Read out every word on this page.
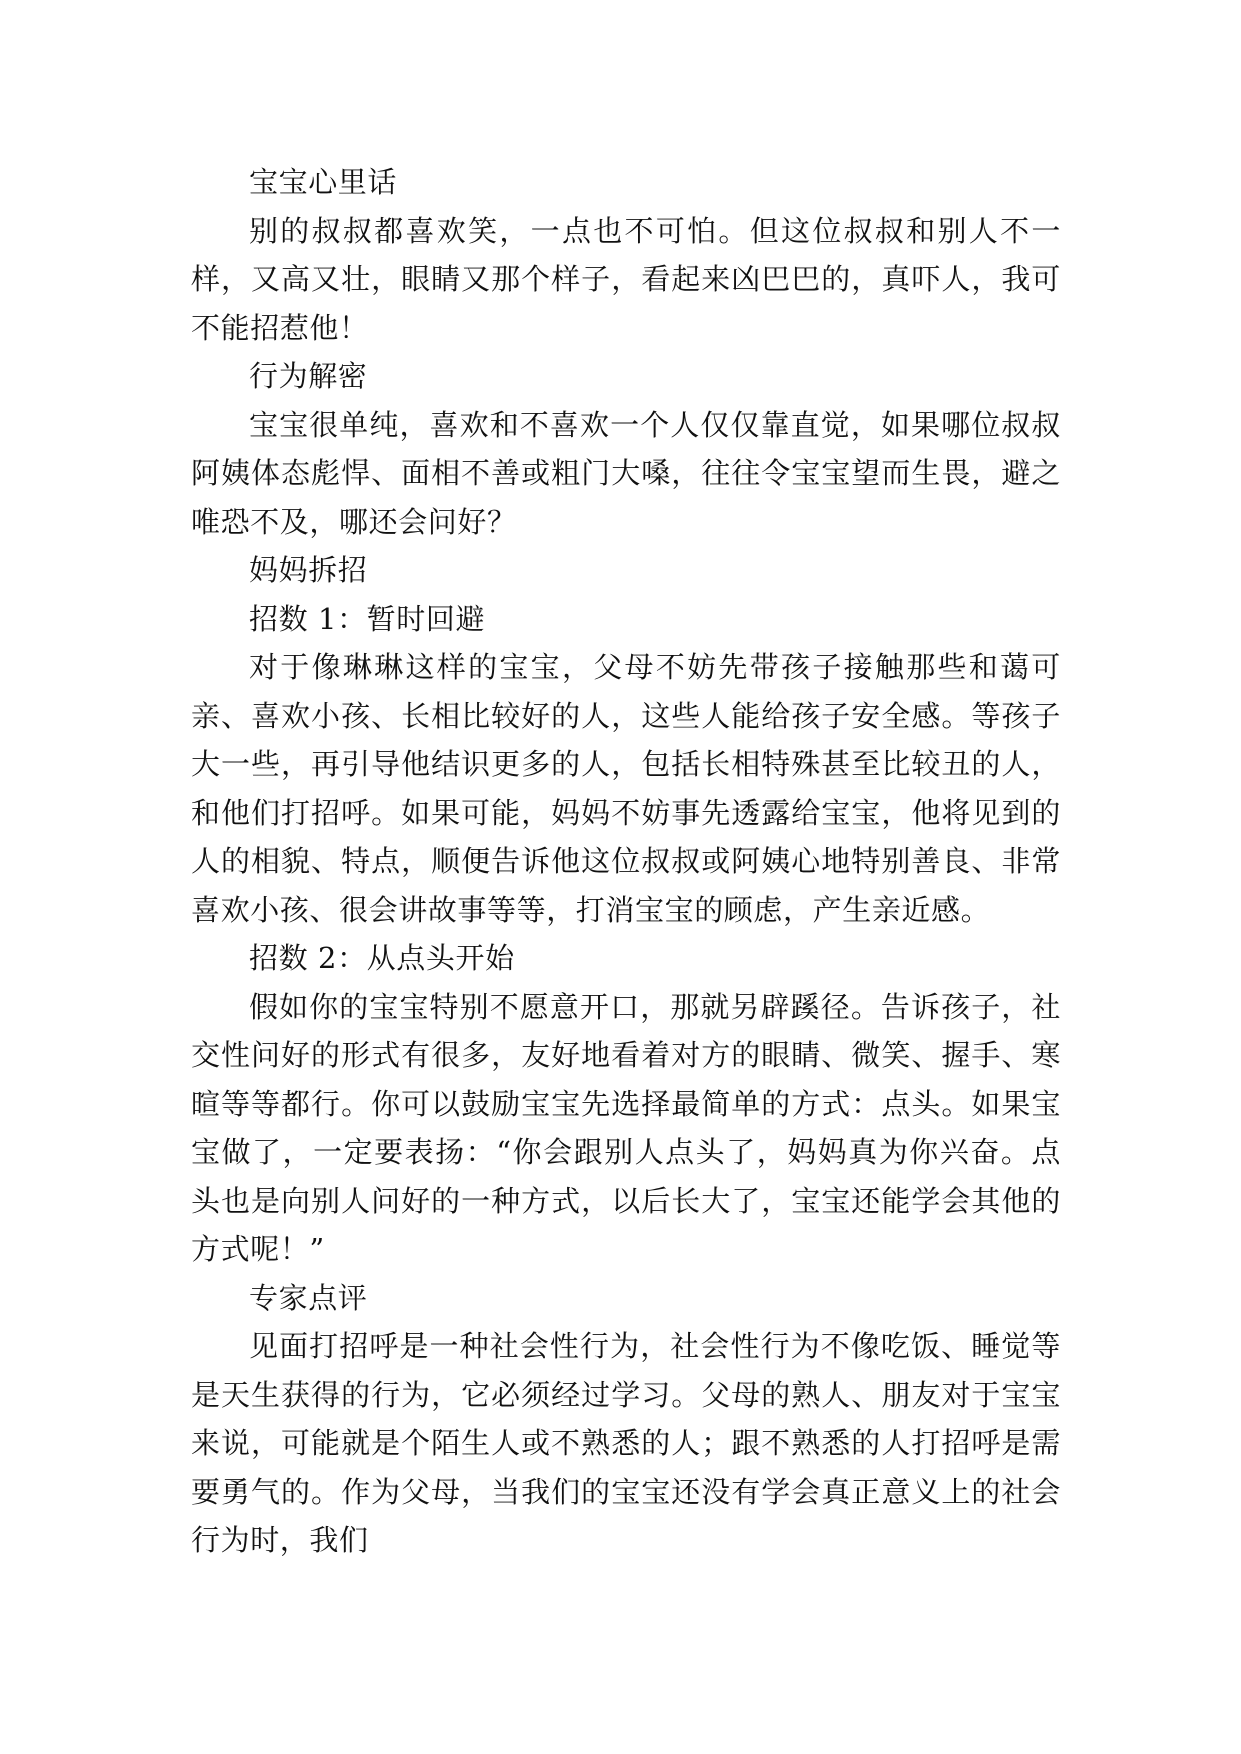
宝宝心里话

别的叔叔都喜欢笑，一点也不可怕。但这位叔叔和别人不一样，又高又壮，眼睛又那个样子，看起来凶巴巴的，真吓人，我可不能招惹他！

行为解密

宝宝很单纯，喜欢和不喜欢一个人仅仅靠直觉，如果哪位叔叔阿姨体态彪悍、面相不善或粗门大嗓，往往令宝宝望而生畏，避之唯恐不及，哪还会问好？

妈妈拆招

招数 1：暂时回避

对于像琳琳这样的宝宝，父母不妨先带孩子接触那些和蔼可亲、喜欢小孩、长相比较好的人，这些人能给孩子安全感。等孩子大一些，再引导他结识更多的人，包括长相特殊甚至比较丑的人，和他们打招呼。如果可能，妈妈不妨事先透露给宝宝，他将见到的人的相貌、特点，顺便告诉他这位叔叔或阿姨心地特别善良、非常喜欢小孩、很会讲故事等等，打消宝宝的顾虑，产生亲近感。

招数 2：从点头开始

假如你的宝宝特别不愿意开口，那就另辟蹊径。告诉孩子，社交性问好的形式有很多，友好地看着对方的眼睛、微笑、握手、寒暄等等都行。你可以鼓励宝宝先选择最简单的方式：点头。如果宝宝做了，一定要表扬：“你会跟别人点头了，妈妈真为你兴奋。点头也是向别人问好的一种方式，以后长大了，宝宝还能学会其他的方式呢！”

专家点评

见面打招呼是一种社会性行为，社会性行为不像吃饭、睡觉等是天生获得的行为，它必须经过学习。父母的熟人、朋友对于宝宝来说，可能就是个陌生人或不熟悉的人；跟不熟悉的人打招呼是需要勇气的。作为父母，当我们的宝宝还没有学会真正意义上的社会行为时，我们
